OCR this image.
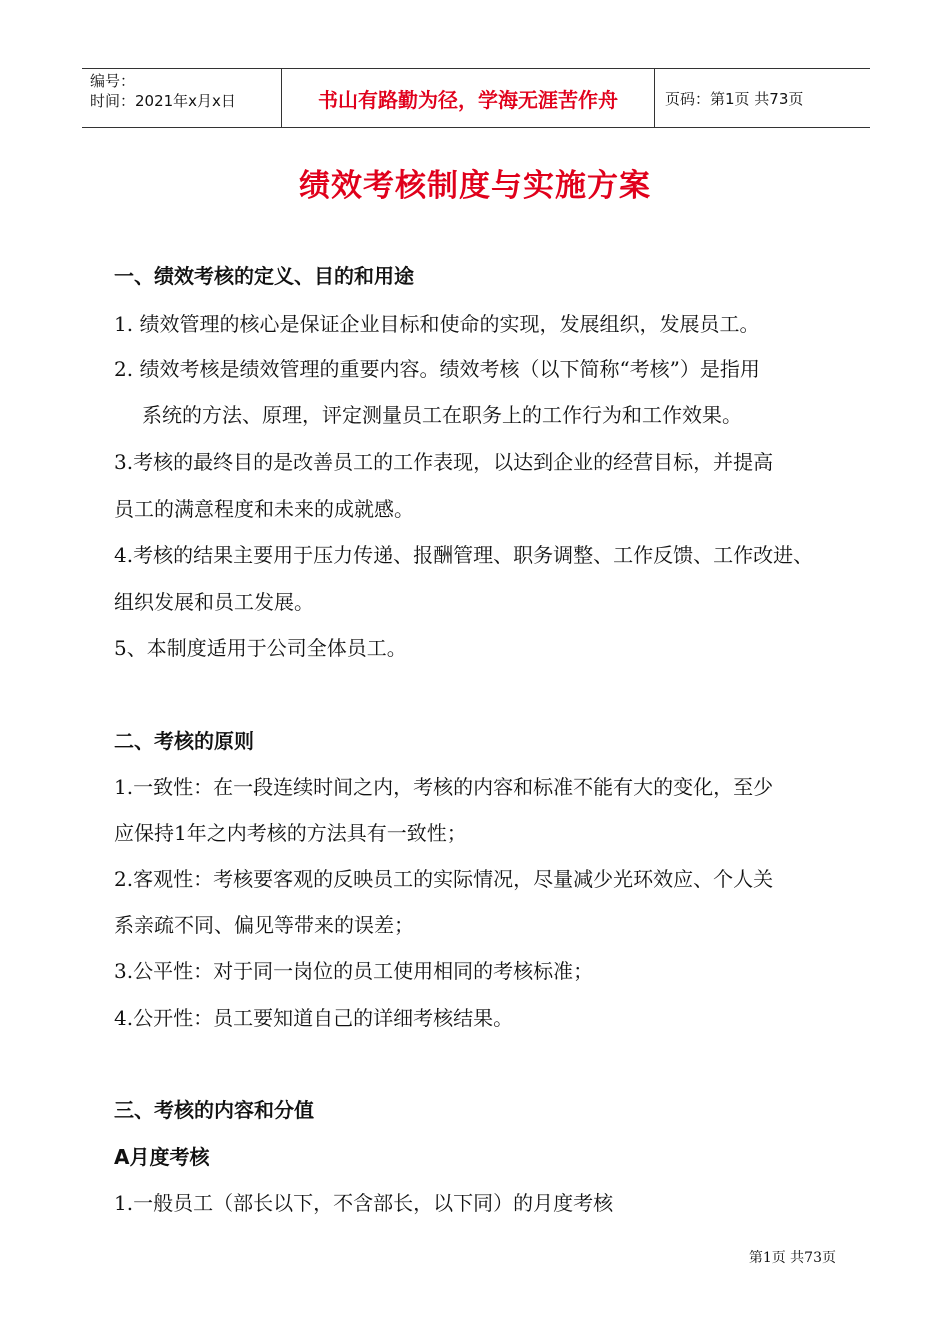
编号：
时间：2021年x月x日	书山有路勤为径，学海无涯苦作舟	页码：第1页 共73页
绩效考核制度与实施方案
一、绩效考核的定义、目的和用途
1. 绩效管理的核心是保证企业目标和使命的实现，发展组织，发展员工。
2. 绩效考核是绩效管理的重要内容。绩效考核（以下简称“考核”）是指用
系统的方法、原理，评定测量员工在职务上的工作行为和工作效果。
3.考核的最终目的是改善员工的工作表现，以达到企业的经营目标，并提高
员工的满意程度和未来的成就感。
4.考核的结果主要用于压力传递、报酬管理、职务调整、工作反馈、工作改进、
组织发展和员工发展。
5、本制度适用于公司全体员工。
二、考核的原则
1.一致性：在一段连续时间之内，考核的内容和标准不能有大的变化，至少
应保持1年之内考核的方法具有一致性；
2.客观性：考核要客观的反映员工的实际情况，尽量减少光环效应、个人关
系亲疏不同、偏见等带来的误差；
3.公平性：对于同一岗位的员工使用相同的考核标准；
4.公开性：员工要知道自己的详细考核结果。
三、考核的内容和分值
A月度考核
1.一般员工（部长以下，不含部长，以下同）的月度考核
第1页 共73页
